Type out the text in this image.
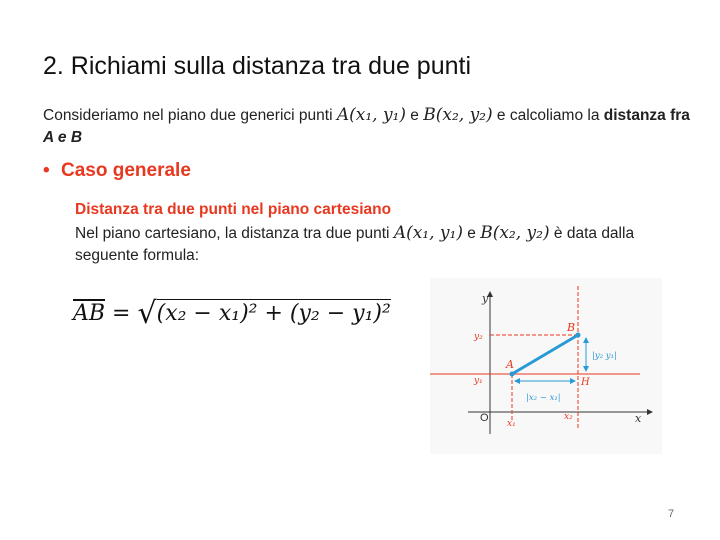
2. Richiami sulla distanza tra due punti
Consideriamo nel piano due generici punti A(x₁, y₁) e B(x₂, y₂) e calcoliamo la distanza fra A e B
• Caso generale
Distanza tra due punti nel piano cartesiano
Nel piano cartesiano, la distanza tra due punti A(x₁, y₁) e B(x₂, y₂) è data dalla seguente formula:
$\overline{AB} = √(x_2 - x_1)^2 + (y_2 - y_1)^2$
y
x
O
A
B
H
y₁
y₂
x₁
x₂
|x₂ − x₁|
|y₂ y₁|
7
